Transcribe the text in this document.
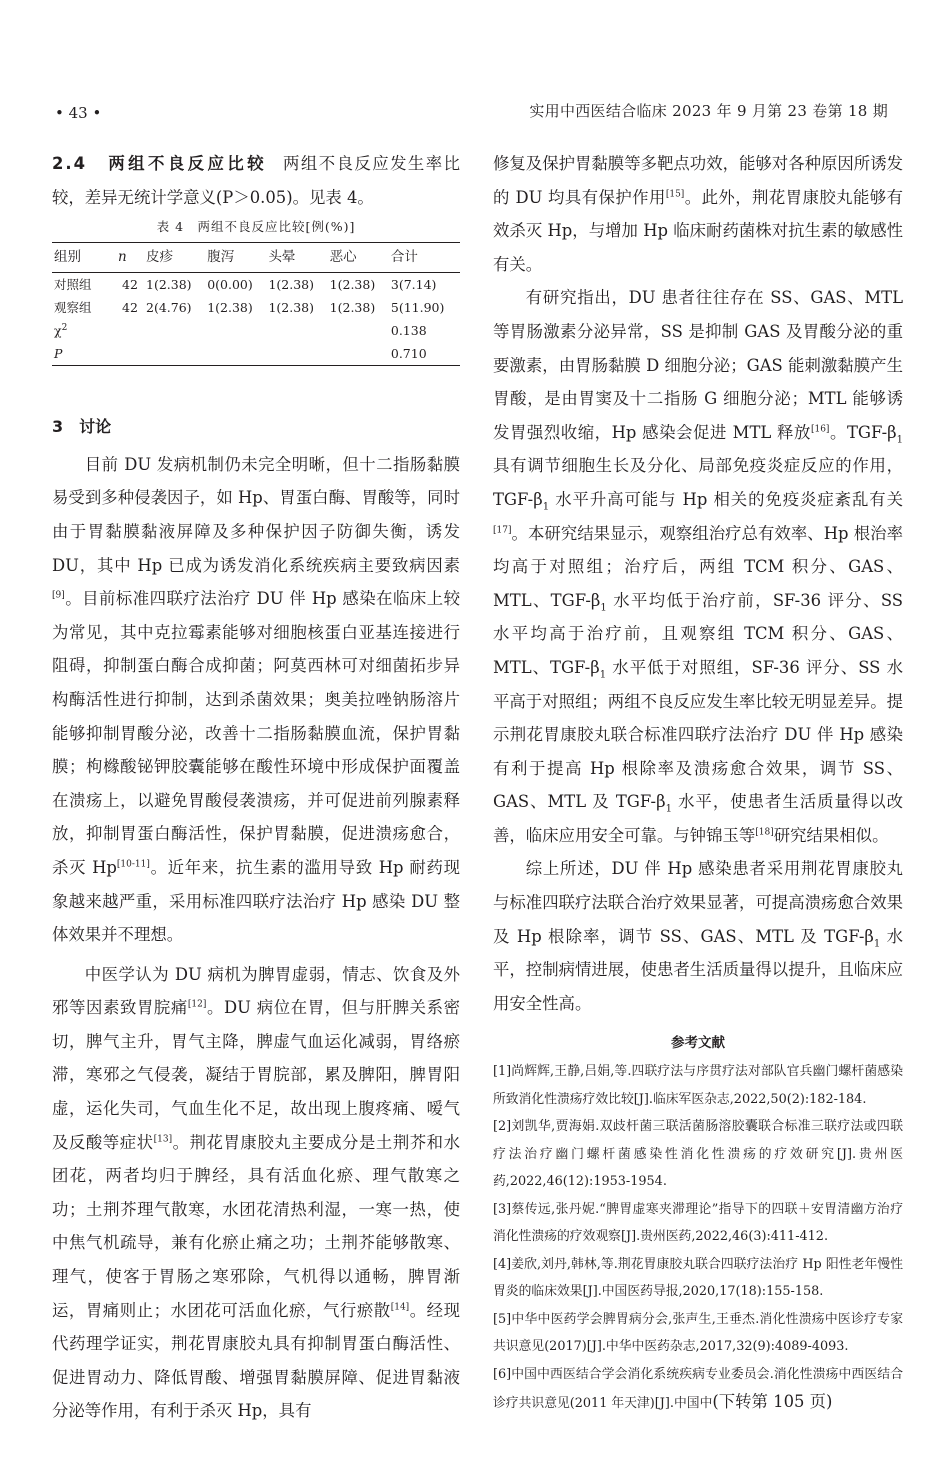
• 43 •	实用中西医结合临床 2023 年 9 月第 23 卷第 18 期

2.4　两组不良反应比较 两组不良反应发生率比较，差异无统计学意义(P＞0.05)。见表 4。

表 4　两组不良反应比较[例(%)]
组别	n	皮疹	腹泻	头晕	恶心	合计
对照组	42	1(2.38)	0(0.00)	1(2.38)	1(2.38)	3(7.14)
观察组	42	2(4.76)	1(2.38)	1(2.38)	1(2.38)	5(11.90)
$\chi^2$						0.138
P						0.710
3　讨论

目前 DU 发病机制仍未完全明晰，但十二指肠黏膜易受到多种侵袭因子，如 Hp、胃蛋白酶、胃酸等，同时由于胃黏膜黏液屏障及多种保护因子防御失衡，诱发 DU，其中 Hp 已成为诱发消化系统疾病主要致病因素[9]。目前标准四联疗法治疗 DU 伴 Hp 感染在临床上较为常见，其中克拉霉素能够对细胞核蛋白亚基连接进行阻碍，抑制蛋白酶合成抑菌；阿莫西林可对细菌拓步异构酶活性进行抑制，达到杀菌效果；奥美拉唑钠肠溶片能够抑制胃酸分泌，改善十二指肠黏膜血流，保护胃黏膜；枸橼酸铋钾胶囊能够在酸性环境中形成保护面覆盖在溃疡上，以避免胃酸侵袭溃疡，并可促进前列腺素释放，抑制胃蛋白酶活性，保护胃黏膜，促进溃疡愈合，杀灭 Hp[10-11]。近年来，抗生素的滥用导致 Hp 耐药现象越来越严重，采用标准四联疗法治疗 Hp 感染 DU 整体效果并不理想。

中医学认为 DU 病机为脾胃虚弱，情志、饮食及外邪等因素致胃脘痛[12]。DU 病位在胃，但与肝脾关系密切，脾气主升，胃气主降，脾虚气血运化减弱，胃络瘀滞，寒邪之气侵袭，凝结于胃脘部，累及脾阳，脾胃阳虚，运化失司，气血生化不足，故出现上腹疼痛、嗳气及反酸等症状[13]。荆花胃康胶丸主要成分是土荆芥和水团花，两者均归于脾经，具有活血化瘀、理气散寒之功；土荆芥理气散寒，水团花清热利湿，一寒一热，使中焦气机疏导，兼有化瘀止痛之功；土荆芥能够散寒、理气，使客于胃肠之寒邪除，气机得以通畅，脾胃渐运，胃痛则止；水团花可活血化瘀，气行瘀散[14]。经现代药理学证实，荆花胃康胶丸具有抑制胃蛋白酶活性、促进胃动力、降低胃酸、增强胃黏膜屏障、促进胃黏液分泌等作用，有利于杀灭 Hp，具有

修复及保护胃黏膜等多靶点功效，能够对各种原因所诱发的 DU 均具有保护作用[15]。此外，荆花胃康胶丸能够有效杀灭 Hp，与增加 Hp 临床耐药菌株对抗生素的敏感性有关。

有研究指出，DU 患者往往存在 SS、GAS、MTL 等胃肠激素分泌异常，SS 是抑制 GAS 及胃酸分泌的重要激素，由胃肠黏膜 D 细胞分泌；GAS 能刺激黏膜产生胃酸，是由胃窦及十二指肠 G 细胞分泌；MTL 能够诱发胃强烈收缩，Hp 感染会促进 MTL 释放[16]。TGF-$\beta_1$ 具有调节细胞生长及分化、局部免疫炎症反应的作用，TGF-$\beta_1$ 水平升高可能与 Hp 相关的免疫炎症紊乱有关[17]。本研究结果显示，观察组治疗总有效率、Hp 根治率均高于对照组；治疗后，两组 TCM 积分、GAS、MTL、TGF-$\beta_1$ 水平均低于治疗前，SF-36 评分、SS 水平均高于治疗前，且观察组 TCM 积分、GAS、MTL、TGF-$\beta_1$ 水平低于对照组，SF-36 评分、SS 水平高于对照组；两组不良反应发生率比较无明显差异。提示荆花胃康胶丸联合标准四联疗法治疗 DU 伴 Hp 感染有利于提高 Hp 根除率及溃疡愈合效果，调节 SS、GAS、MTL 及 TGF-$\beta_1$ 水平，使患者生活质量得以改善，临床应用安全可靠。与钟锦玉等[18]研究结果相似。

综上所述，DU 伴 Hp 感染患者采用荆花胃康胶丸与标准四联疗法联合治疗效果显著，可提高溃疡愈合效果及 Hp 根除率，调节 SS、GAS、MTL 及 TGF-$\beta_1$ 水平，控制病情进展，使患者生活质量得以提升，且临床应用安全性高。

参考文献

[1]尚辉辉,王静,吕娟,等.四联疗法与序贯疗法对部队官兵幽门螺杆菌感染所致消化性溃疡疗效比较[J].临床军医杂志,2022,50(2):182-184.

[2]刘凯华,贾海娟.双歧杆菌三联活菌肠溶胶囊联合标准三联疗法或四联疗法治疗幽门螺杆菌感染性消化性溃疡的疗效研究[J].贵州医药,2022,46(12):1953-1954.

[3]蔡传远,张丹妮.“脾胃虚寒夹滞理论”指导下的四联＋安胃清幽方治疗消化性溃疡的疗效观察[J].贵州医药,2022,46(3):411-412.

[4]姜欣,刘丹,韩林,等.荆花胃康胶丸联合四联疗法治疗 Hp 阳性老年慢性胃炎的临床效果[J].中国医药导报,2020,17(18):155-158.

[5]中华中医药学会脾胃病分会,张声生,王垂杰.消化性溃疡中医诊疗专家共识意见(2017)[J].中华中医药杂志,2017,32(9):4089-4093.

[6]中国中西医结合学会消化系统疾病专业委员会.消化性溃疡中西医结合诊疗共识意见(2011 年天津)[J].中国中(下转第 105 页)
